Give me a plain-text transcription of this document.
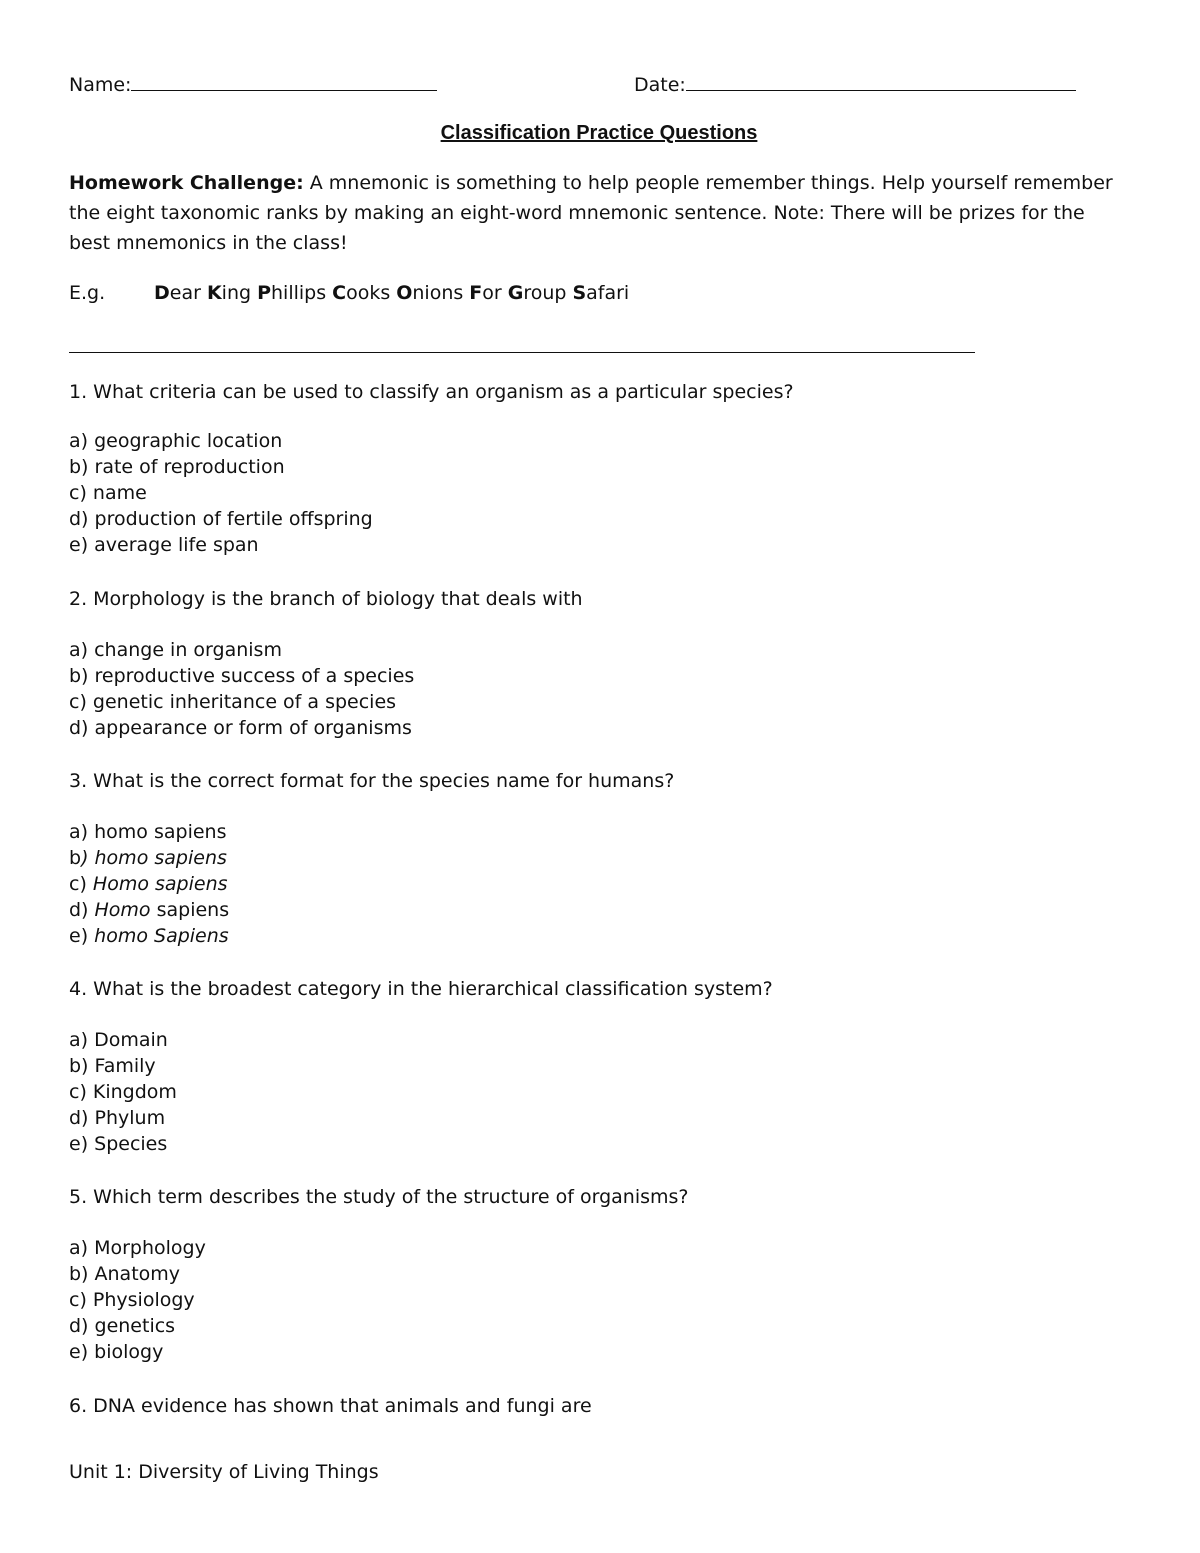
Name:	Date:
Classification Practice Questions
Homework Challenge: A mnemonic is something to help people remember things. Help yourself remember the eight taxonomic ranks by making an eight-word mnemonic sentence. Note: There will be prizes for the best mnemonics in the class!
E.g.	Dear King Phillips Cooks Onions For Group Safari
1. What criteria can be used to classify an organism as a particular species?
a) geographic location
b) rate of reproduction
c) name
d) production of fertile offspring
e) average life span
2. Morphology is the branch of biology that deals with
a) change in organism
b) reproductive success of a species
c) genetic inheritance of a species
d) appearance or form of organisms
3. What is the correct format for the species name for humans?
a) homo sapiens
b) homo sapiens
c) Homo sapiens
d) Homo sapiens
e) homo Sapiens
4. What is the broadest category in the hierarchical classification system?
a) Domain
b) Family
c) Kingdom
d) Phylum
e) Species
5. Which term describes the study of the structure of organisms?
a) Morphology
b) Anatomy
c) Physiology
d) genetics
e) biology
6. DNA evidence has shown that animals and fungi are
Unit 1: Diversity of Living Things
